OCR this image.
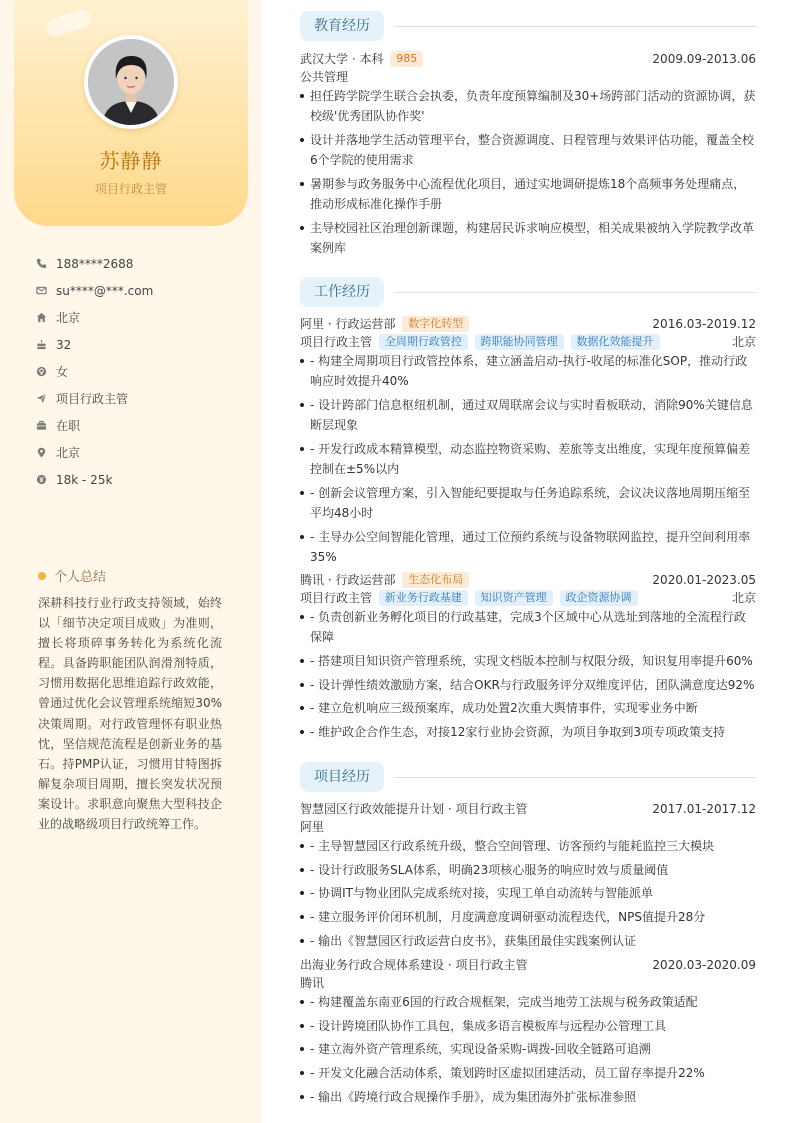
苏静静
项目行政主管
188****2688
su****@***.com
北京
32
女
项目行政主管
在职
北京
18k - 25k
个人总结
深耕科技行业行政支持领域，始终以「细节决定项目成败」为准则，擅长将琐碎事务转化为系统化流程。具备跨职能团队润滑剂特质，习惯用数据化思维追踪行政效能，曾通过优化会议管理系统缩短30%决策周期。对行政管理怀有职业热忱，坚信规范流程是创新业务的基石。持PMP认证，习惯用甘特图拆解复杂项目周期，擅长突发状况预案设计。求职意向聚焦大型科技企业的战略级项目行政统筹工作。
教育经历
武汉大学 · 本科 985	2009.09-2013.06
公共管理
担任跨学院学生联合会执委，负责年度预算编制及30+场跨部门活动的资源协调，获校级'优秀团队协作奖'
设计并落地学生活动管理平台，整合资源调度、日程管理与效果评估功能，覆盖全校6个学院的使用需求
暑期参与政务服务中心流程优化项目，通过实地调研提炼18个高频事务处理痛点，推动形成标准化操作手册
主导校园社区治理创新课题，构建居民诉求响应模型，相关成果被纳入学院教学改革案例库
工作经历
阿里 · 行政运营部 数字化转型	2016.03-2019.12
项目行政主管 全周期行政管控 跨职能协同管理 数据化效能提升	北京
- 构建全周期项目行政管控体系，建立涵盖启动-执行-收尾的标准化SOP，推动行政响应时效提升40%
- 设计跨部门信息枢纽机制，通过双周联席会议与实时看板联动，消除90%关键信息断层现象
- 开发行政成本精算模型，动态监控物资采购、差旅等支出维度，实现年度预算偏差控制在±5%以内
- 创新会议管理方案，引入智能纪要提取与任务追踪系统，会议决议落地周期压缩至平均48小时
- 主导办公空间智能化管理，通过工位预约系统与设备物联网监控，提升空间利用率35%
腾讯 · 行政运营部 生态化布局	2020.01-2023.05
项目行政主管 新业务行政基建 知识资产管理 政企资源协调	北京
- 负责创新业务孵化项目的行政基建，完成3个区域中心从选址到落地的全流程行政保障
- 搭建项目知识资产管理系统，实现文档版本控制与权限分级，知识复用率提升60%
- 设计弹性绩效激励方案，结合OKR与行政服务评分双维度评估，团队满意度达92%
- 建立危机响应三级预案库，成功处置2次重大舆情事件，实现零业务中断
- 维护政企合作生态，对接12家行业协会资源，为项目争取到3项专项政策支持
项目经历
智慧园区行政效能提升计划 · 项目行政主管	2017.01-2017.12
阿里
- 主导智慧园区行政系统升级，整合空间管理、访客预约与能耗监控三大模块
- 设计行政服务SLA体系，明确23项核心服务的响应时效与质量阈值
- 协调IT与物业团队完成系统对接，实现工单自动流转与智能派单
- 建立服务评价闭环机制，月度满意度调研驱动流程迭代，NPS值提升28分
- 输出《智慧园区行政运营白皮书》，获集团最佳实践案例认证
出海业务行政合规体系建设 · 项目行政主管	2020.03-2020.09
腾讯
- 构建覆盖东南亚6国的行政合规框架，完成当地劳工法规与税务政策适配
- 设计跨境团队协作工具包，集成多语言模板库与远程办公管理工具
- 建立海外资产管理系统，实现设备采购-调拨-回收全链路可追溯
- 开发文化融合活动体系，策划跨时区虚拟团建活动，员工留存率提升22%
- 输出《跨境行政合规操作手册》，成为集团海外扩张标准参照
